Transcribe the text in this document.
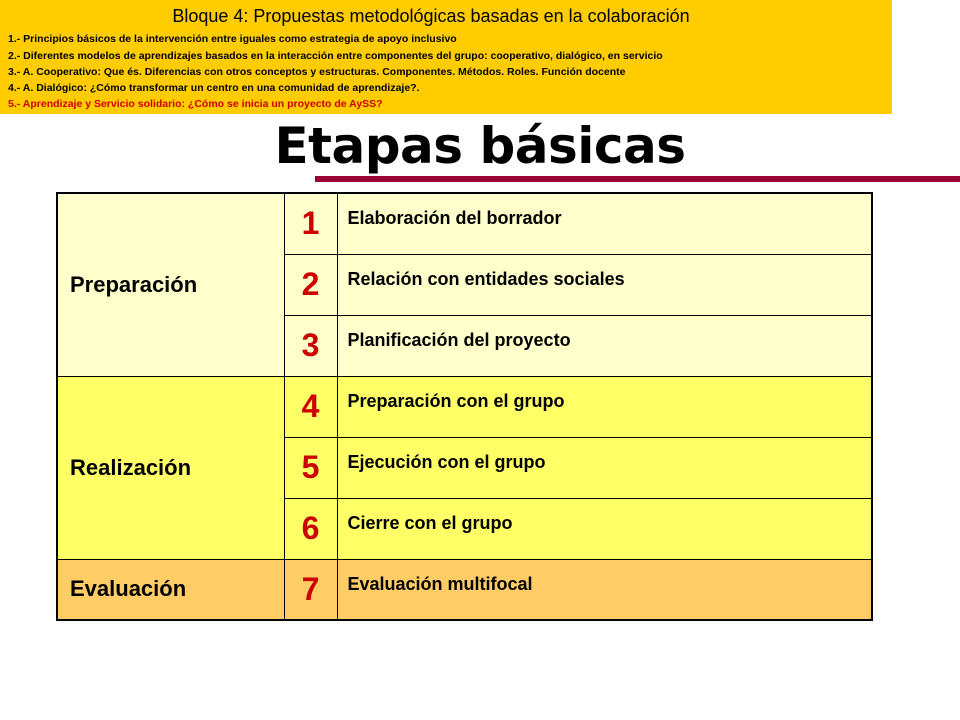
Bloque 4: Propuestas metodológicas basadas en la colaboración
1.- Principios básicos de la intervención entre iguales como estrategia de apoyo inclusivo
2.- Diferentes modelos de aprendizajes basados en la interacción entre componentes del grupo: cooperativo, dialógico, en servicio
3.- A. Cooperativo: Que és. Diferencias con otros conceptos y estructuras. Componentes. Métodos. Roles. Función docente
4.- A. Dialógico: ¿Cómo transformar un centro en una comunidad de aprendizaje?.
5.- Aprendizaje y Servicio solidario: ¿Cómo se inicia un proyecto de AySS?
Etapas básicas
Preparación	1	Elaboración del borrador
	2	Relación con entidades sociales
	3	Planificación del proyecto
Realización	4	Preparación con el grupo
	5	Ejecución con el grupo
	6	Cierre con el grupo
Evaluación	7	Evaluación multifocal
